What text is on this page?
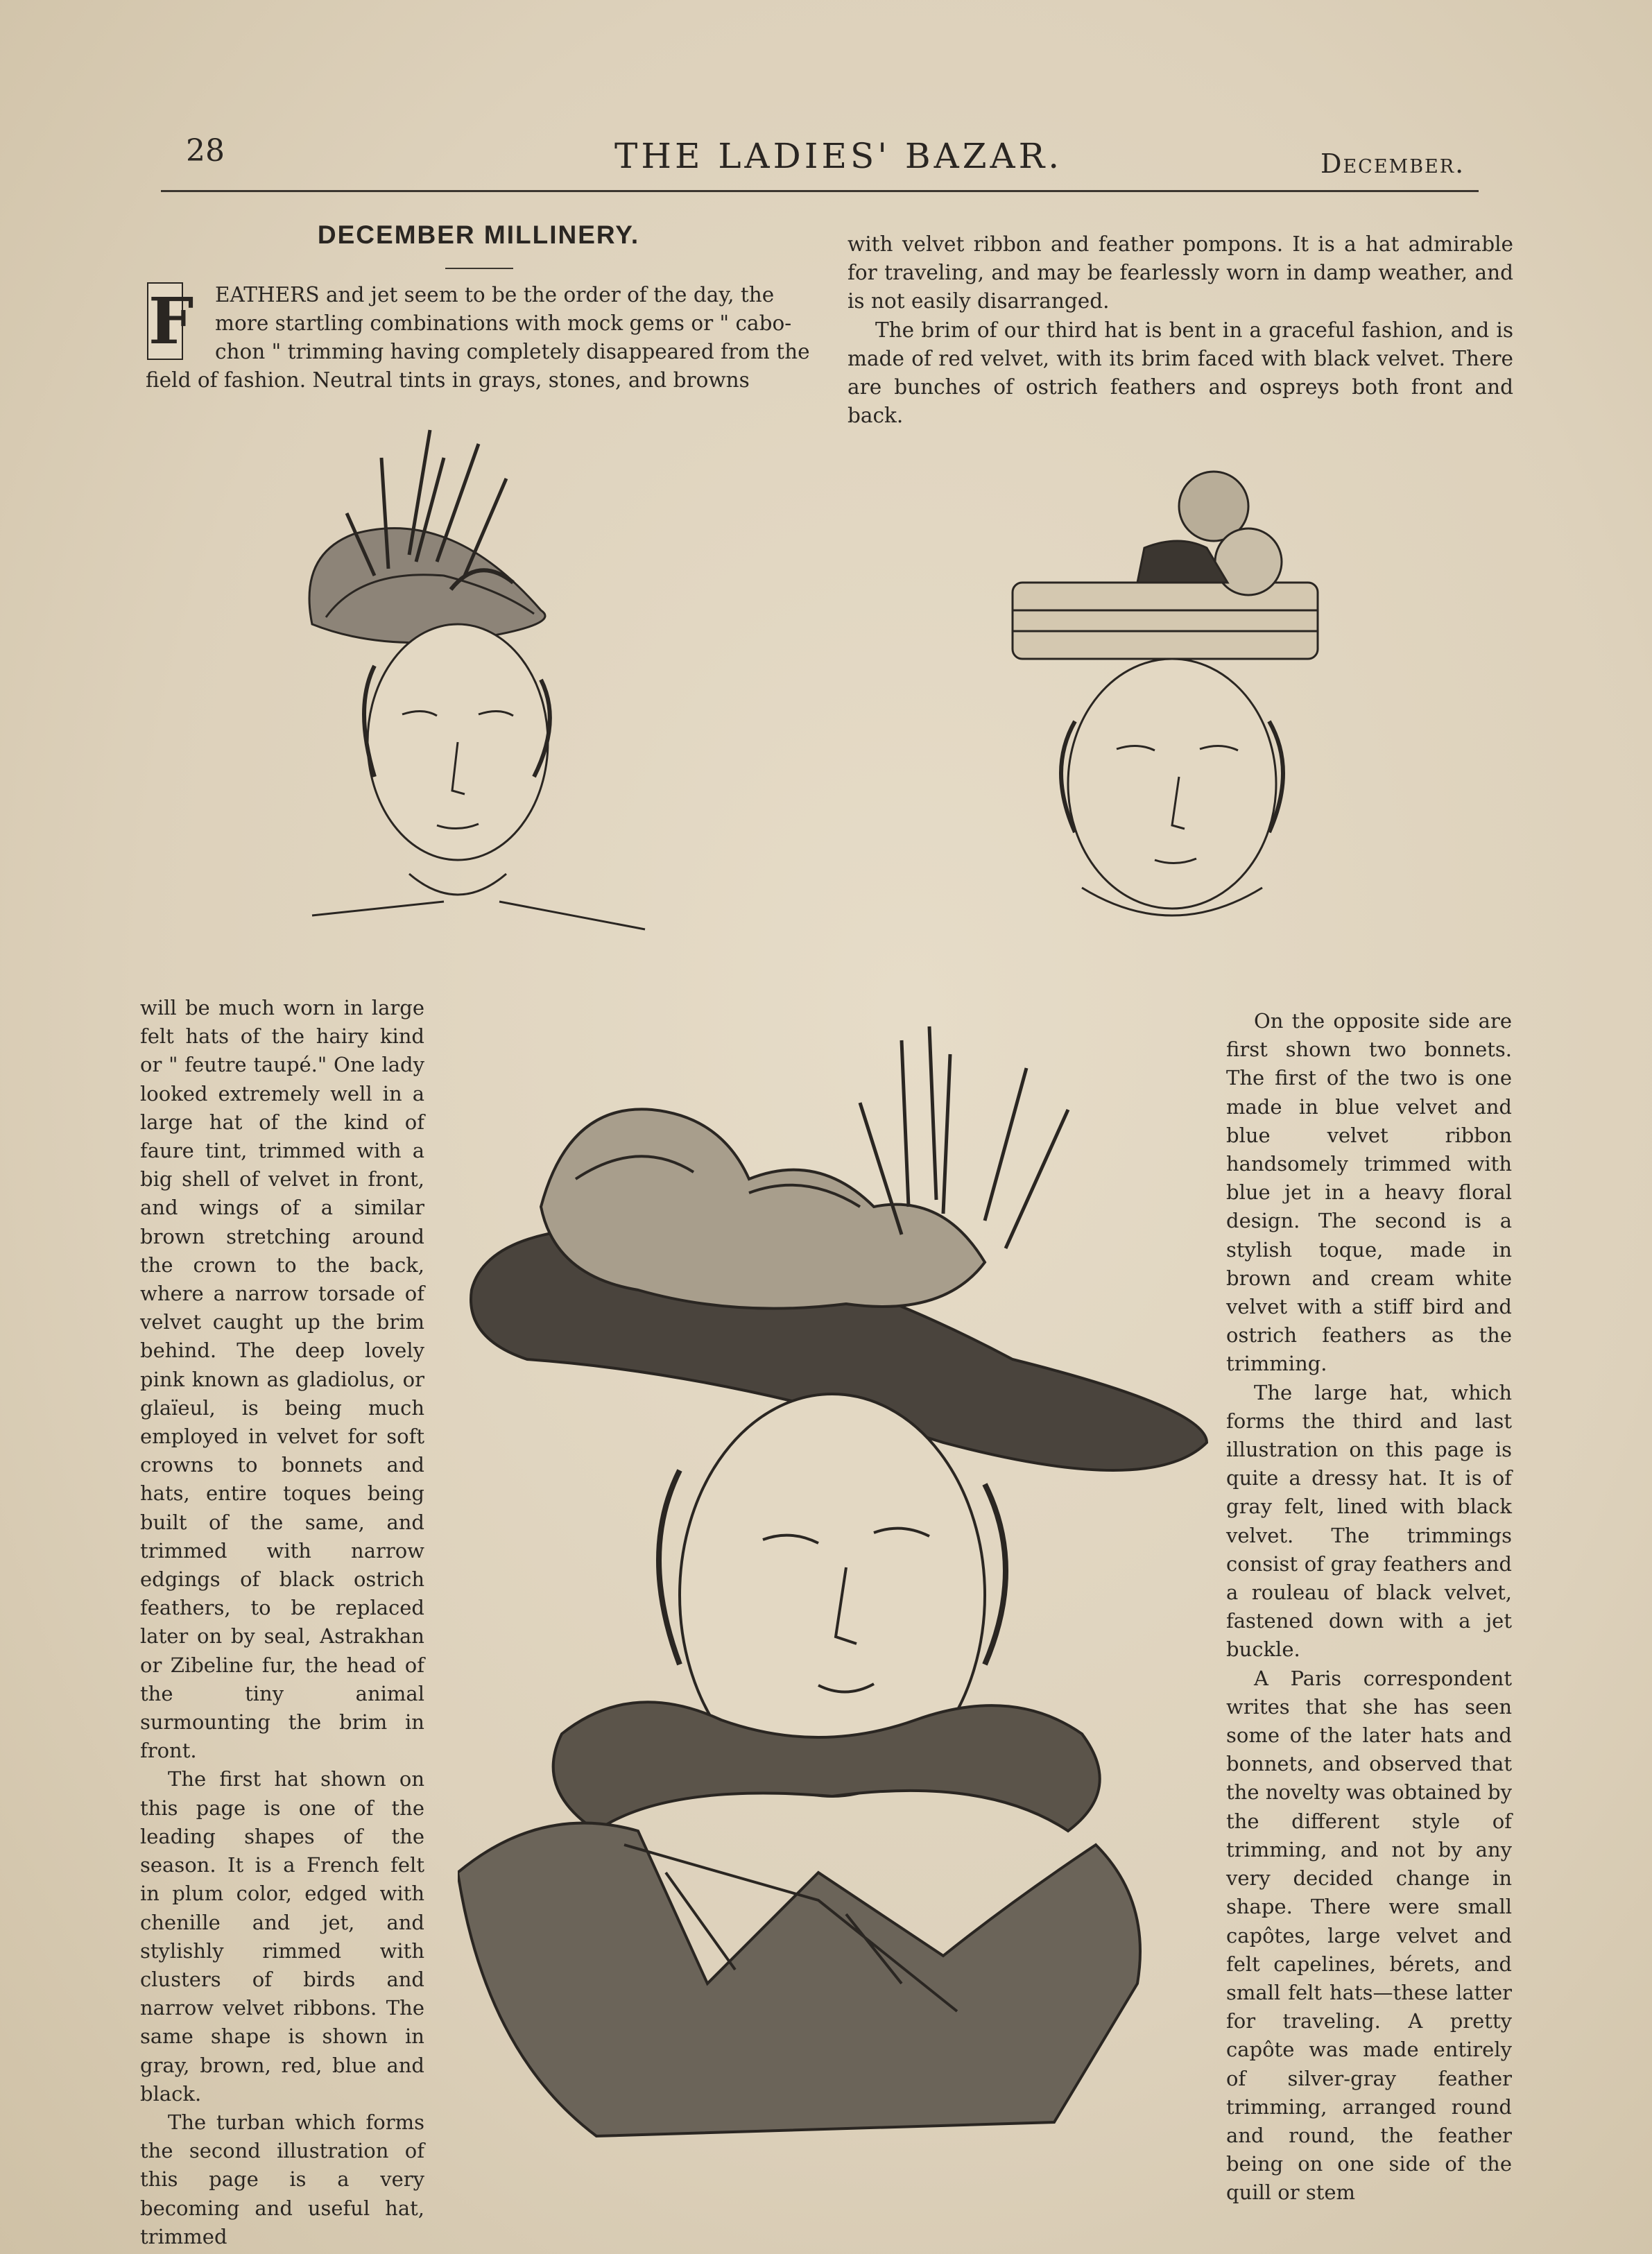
28	THE LADIES' BAZAR.	December.
DECEMBER MILLINERY.
F EATHERS and jet seem to be the order of the day, the
more startling combinations with mock gems or " cabo-
chon " trimming having completely disappeared from the
field of fashion. Neutral tints in grays, stones, and browns

with velvet ribbon and feather pompons. It is a hat admirable for traveling, and may be fearlessly worn in damp weather, and is not easily disarranged.

The brim of our third hat is bent in a graceful fashion, and is made of red velvet, with its brim faced with black velvet. There are bunches of ostrich feathers and ospreys both front and back.

will be much worn in large felt hats of the hairy kind or " feutre taupé." One lady looked extremely well in a large hat of the kind of faure tint, trimmed with a big shell of velvet in front, and wings of a similar brown stretching around the crown to the back, where a narrow torsade of velvet caught up the brim behind. The deep lovely pink known as gladiolus, or glaïeul, is being much employed in velvet for soft crowns to bonnets and hats, entire toques being built of the same, and trimmed with narrow edgings of black ostrich feathers, to be replaced later on by seal, Astrakhan or Zibeline fur, the head of the tiny animal surmounting the brim in front.

The first hat shown on this page is one of the leading shapes of the season. It is a French felt in plum color, edged with chenille and jet, and stylishly rimmed with clusters of birds and narrow velvet ribbons. The same shape is shown in gray, brown, red, blue and black.

The turban which forms the second illustration of this page is a very becoming and useful hat, trimmed

On the opposite side are first shown two bonnets. The first of the two is one made in blue velvet and blue velvet ribbon handsomely trimmed with blue jet in a heavy floral design. The second is a stylish toque, made in brown and cream white velvet with a stiff bird and ostrich feathers as the trimming.

The large hat, which forms the third and last illustration on this page is quite a dressy hat. It is of gray felt, lined with black velvet. The trimmings consist of gray feathers and a rouleau of black velvet, fastened down with a jet buckle.

A Paris correspondent writes that she has seen some of the later hats and bonnets, and observed that the novelty was obtained by the different style of trimming, and not by any very decided change in shape. There were small capôtes, large velvet and felt capelines, bérets, and small felt hats—these latter for traveling. A pretty capôte was made entirely of silver-gray feather trimming, arranged round and round, the feather being on one side of the quill or stem
